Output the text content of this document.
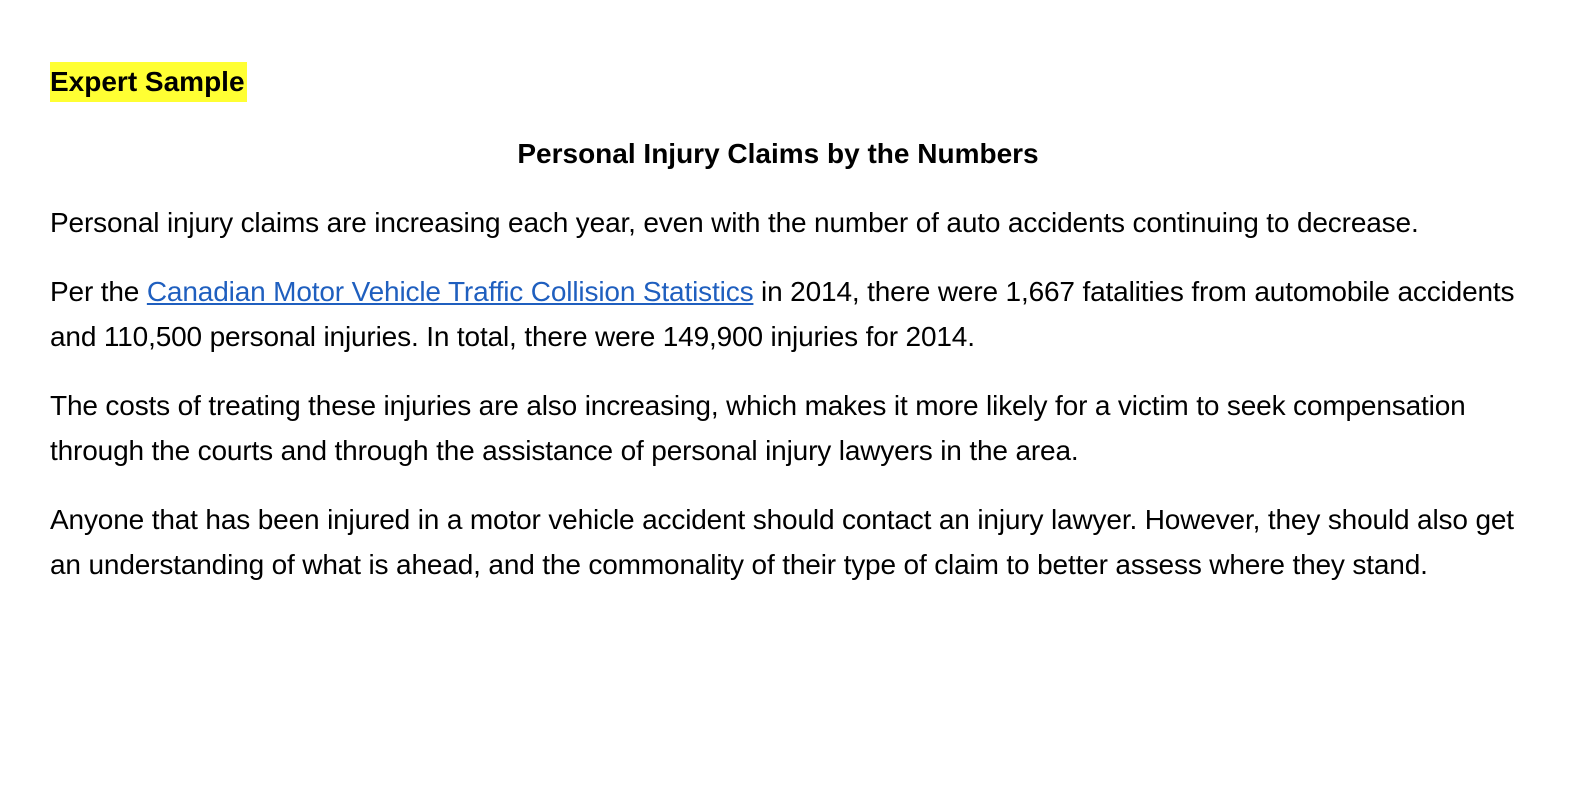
Expert Sample
Personal Injury Claims by the Numbers

Personal injury claims are increasing each year, even with the number of auto accidents continuing to decrease.

Per the Canadian Motor Vehicle Traffic Collision Statistics in 2014, there were 1,667 fatalities from automobile accidents and 110,500 personal injuries. In total, there were 149,900 injuries for 2014.

The costs of treating these injuries are also increasing, which makes it more likely for a victim to seek compensation through the courts and through the assistance of personal injury lawyers in the area.

Anyone that has been injured in a motor vehicle accident should contact an injury lawyer. However, they should also get an understanding of what is ahead, and the commonality of their type of claim to better assess where they stand.
